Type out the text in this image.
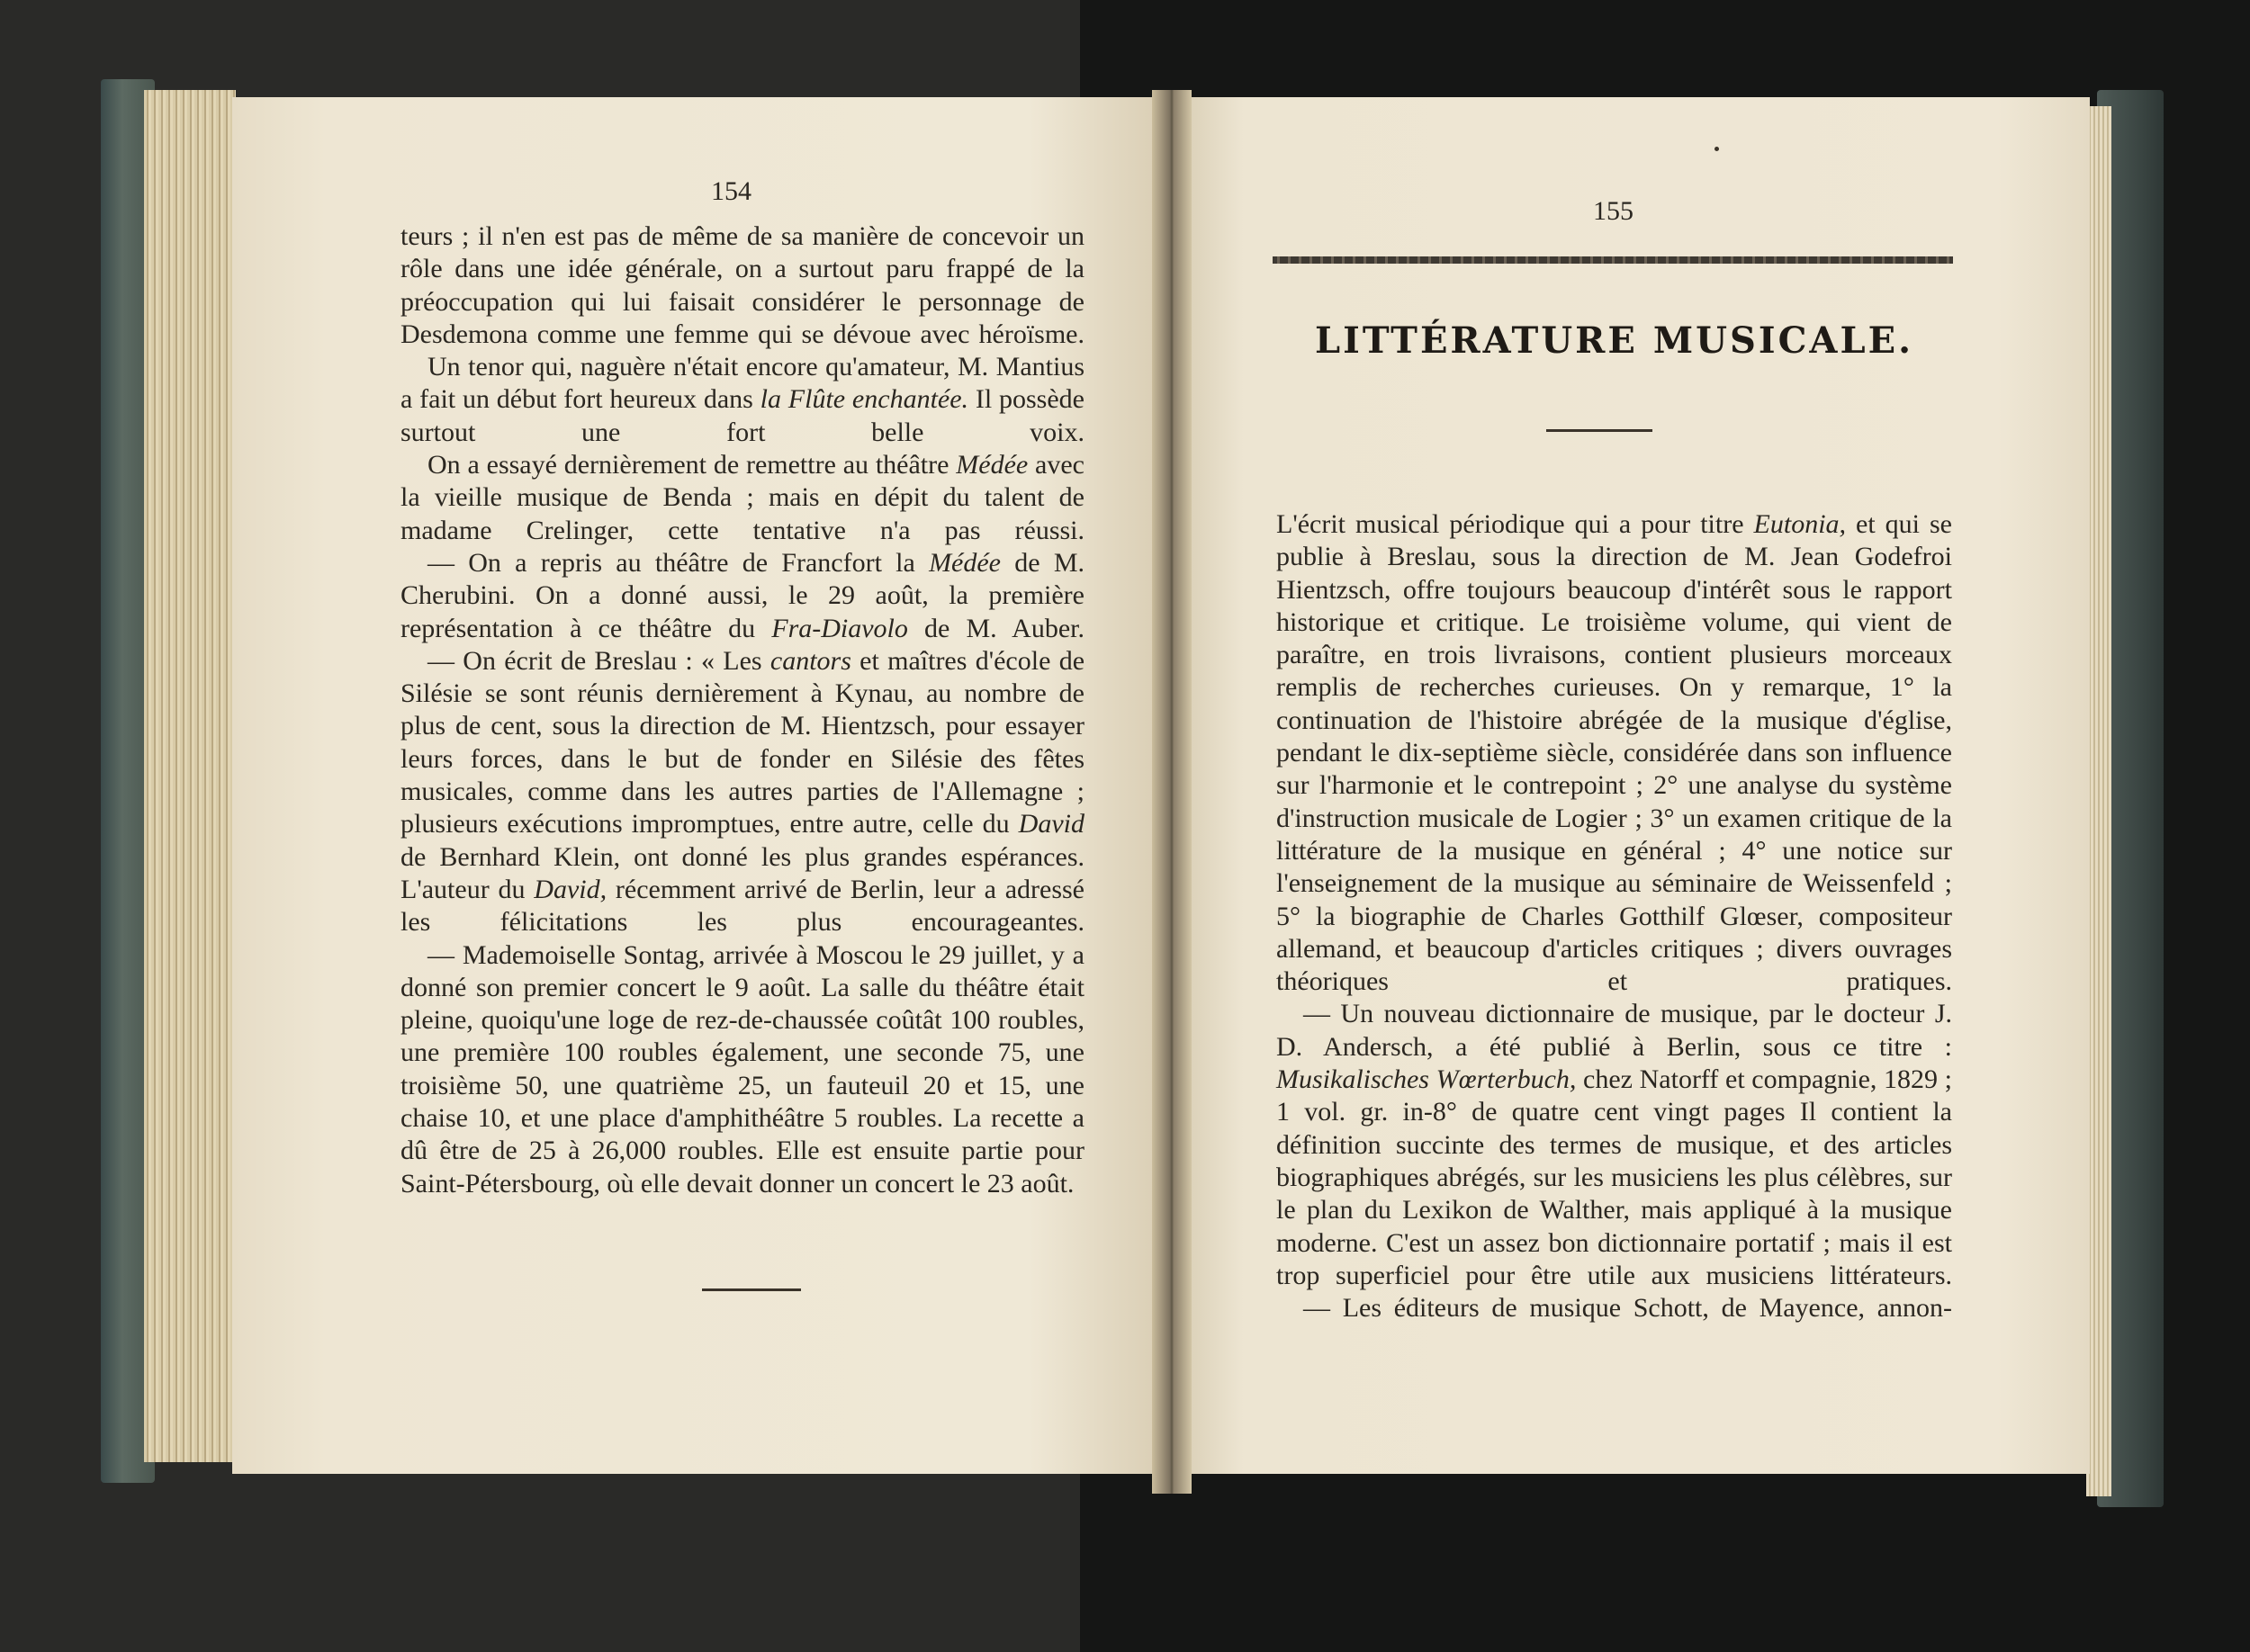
154
155

teurs ; il n'en est pas de même de sa manière de concevoir un rôle dans une idée générale, on a surtout paru frappé de la préoccupation qui lui faisait considérer le personnage de Desdemona comme une femme qui se dévoue avec héroïsme.

Un tenor qui, naguère n'était encore qu'amateur, M. Mantius a fait un début fort heureux dans la Flûte enchantée. Il possède surtout une fort belle voix.

On a essayé dernièrement de remettre au théâtre Médée avec la vieille musique de Benda ; mais en dépit du talent de madame Crelinger, cette tentative n'a pas réussi.

— On a repris au théâtre de Francfort la Médée de M. Cherubini. On a donné aussi, le 29 août, la première représentation à ce théâtre du Fra-Diavolo de M. Auber.

— On écrit de Breslau : « Les cantors et maîtres d'école de Silésie se sont réunis dernièrement à Kynau, au nombre de plus de cent, sous la direction de M. Hientzsch, pour essayer leurs forces, dans le but de fonder en Silésie des fêtes musicales, comme dans les autres parties de l'Allemagne ; plusieurs exécutions impromptues, entre autre, celle du David de Bernhard Klein, ont donné les plus grandes espérances. L'auteur du David, récemment arrivé de Berlin, leur a adressé les félicitations les plus encourageantes.

— Mademoiselle Sontag, arrivée à Moscou le 29 juillet, y a donné son premier concert le 9 août. La salle du théâtre était pleine, quoiqu'une loge de rez-de-chaussée coûtât 100 roubles, une première 100 roubles également, une seconde 75, une troisième 50, une quatrième 25, un fauteuil 20 et 15, une chaise 10, et une place d'amphithéâtre 5 roubles. La recette a dû être de 25 à 26,000 roubles. Elle est ensuite partie pour Saint-Pétersbourg, où elle devait donner un concert le 23 août.

LITTÉRATURE MUSICALE.

L'écrit musical périodique qui a pour titre Eutonia, et qui se publie à Breslau, sous la direction de M. Jean Godefroi Hientzsch, offre toujours beaucoup d'intérêt sous le rapport historique et critique. Le troisième volume, qui vient de paraître, en trois livraisons, contient plusieurs morceaux remplis de recherches curieuses. On y remarque, 1° la continuation de l'histoire abrégée de la musique d'église, pendant le dix-septième siècle, considérée dans son influence sur l'harmonie et le contrepoint ; 2° une analyse du système d'instruction musicale de Logier ; 3° un examen critique de la littérature de la musique en général ; 4° une notice sur l'enseignement de la musique au séminaire de Weissenfeld ; 5° la biographie de Charles Gotthilf Glœser, compositeur allemand, et beaucoup d'articles critiques ; divers ouvrages théoriques et pratiques.

— Un nouveau dictionnaire de musique, par le docteur J. D. Andersch, a été publié à Berlin, sous ce titre : Musikalisches Wœrterbuch, chez Natorff et compagnie, 1829 ; 1 vol. gr. in-8° de quatre cent vingt pages Il contient la définition succinte des termes de musique, et des articles biographiques abrégés, sur les musiciens les plus célèbres, sur le plan du Lexikon de Walther, mais appliqué à la musique moderne. C'est un assez bon dictionnaire portatif ; mais il est trop superficiel pour être utile aux musiciens littérateurs.

— Les éditeurs de musique Schott, de Mayence, annon-
